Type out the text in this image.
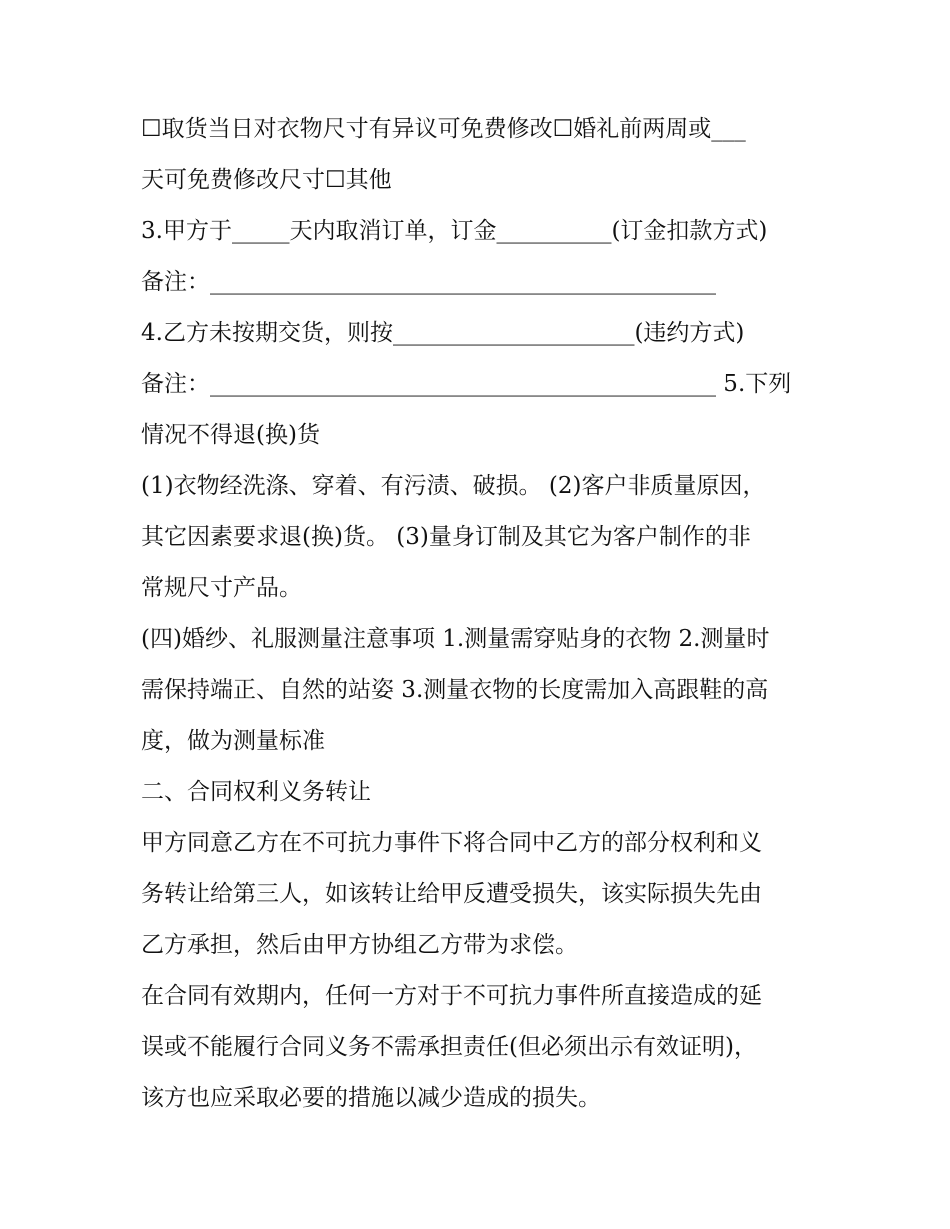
☐取货当日对衣物尺寸有异议可免费修改☐婚礼前两周或___
天可免费修改尺寸☐其他
3.甲方于_____天内取消订单，订金__________(订金扣款方式)
备注：____________________________________________
4.乙方未按期交货，则按_____________________(违约方式)
备注：____________________________________________ 5.下列
情况不得退(换)货
(1)衣物经洗涤、穿着、有污渍、破损。 (2)客户非质量原因，
其它因素要求退(换)货。 (3)量身订制及其它为客户制作的非
常规尺寸产品。
(四)婚纱、礼服测量注意事项 1.测量需穿贴身的衣物 2.测量时
需保持端正、自然的站姿 3.测量衣物的长度需加入高跟鞋的高
度，做为测量标准
二、合同权利义务转让
甲方同意乙方在不可抗力事件下将合同中乙方的部分权利和义
务转让给第三人，如该转让给甲反遭受损失，该实际损失先由
乙方承担，然后由甲方协组乙方带为求偿。
在合同有效期内，任何一方对于不可抗力事件所直接造成的延
误或不能履行合同义务不需承担责任(但必须出示有效证明)，
该方也应采取必要的措施以减少造成的损失。
